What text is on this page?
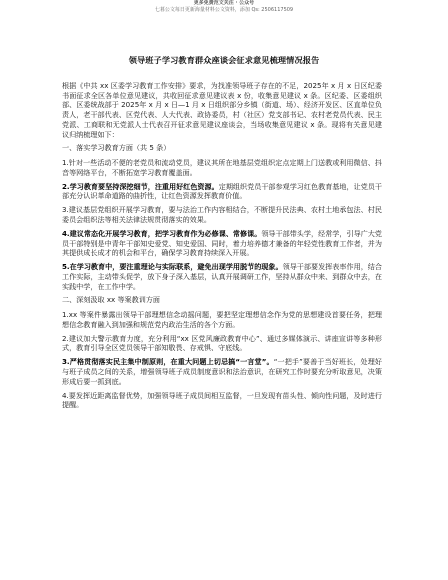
更多免费范文关注 · 公众号
七暮公文每日更新海量材料公文资料，添加 Qs: 2506117509
领导班子学习教育群众座谈会征求意见梳理情况报告

根据《中共 xx 区委学习教育工作安排》要求，为找准领导班子存在的不足，2025年 x 月 x 日区纪委书面征求全区各单位意见建议，共收回征求意见建议表 x 份，收集意见建议 x 条。区纪委、区委组织部、区委统战部于 2025年 x 月 x 日—1 月 x 日组织部分乡镇（街道、场）、经济开发区、区直单位负责人，老干部代表、区党代表、人大代表、政协委员，村（社区）党支部书记、农村老党员代表、民主党派、工商联和无党派人士代表召开征求意见建议座谈会，当场收集意见建议 x 条。现将有关意见建议归纳梳理如下：

一、落实学习教育方面（共 5 条）

1.针对一些活动不便的老党员和流动党员，建议其所在地基层党组织定点定期上门送教或利用微信、抖音等网络平台，不断拓宽学习教育覆盖面。

2.学习教育要坚持深挖细节，注重用好红色资源。定期组织党员干部参观学习红色教育基地，让党员干部充分认识革命道路的曲折性，让红色资源发挥教育价值。

3.建议基层党组织开展学习教育，要与法治工作内容相结合，不断提升民法典、农村土地承包法、村民委员会组织法等相关法律法规贯彻落实的效果。

4.建议常态化开展学习教育，把学习教育作为必修课、常修课。领导干部带头学，经常学，引导广大党员干部特别是中青年干部知史爱党、知史爱国、同时，着力培养德才兼备的年轻党性教育工作者，并为其提供成长成才的机会和平台，确保学习教育持续深入开展。

5.在学习教育中，要注重理论与实际联系，避免出现学用脱节的现象。领导干部要发挥表率作用，结合工作实际，主动带头促学，放下身子深入基层，认真开展调研工作，坚持从群众中来、到群众中去，在实践中学，在工作中学。

二、深刻汲取 xx 等案教训方面

1.xx 等案件暴露出领导干部理想信念动摇问题，要把坚定理想信念作为党的思想建设首要任务，把理想信念教育融入到加强和规范党内政治生活的各个方面。

2.建议加大警示教育力度，充分利用“xx 区党风廉政教育中心”、通过多媒体演示、讲座宣讲等多种形式，教育引导全区党员领导干部知敬畏、存戒惧、守底线。

3.严格贯彻落实民主集中制原则，在重大问题上切忌搞“一言堂”。“一把手”要善于当好班长，处理好与班子成员之间的关系，增强领导班子成员制度意识和法治意识，在研究工作时要充分听取意见，决策形成后要一抓到底。

4.要发挥近距离监督优势，加强领导班子成员间相互监督，一旦发现有苗头性、倾向性问题，及时进行提醒。
